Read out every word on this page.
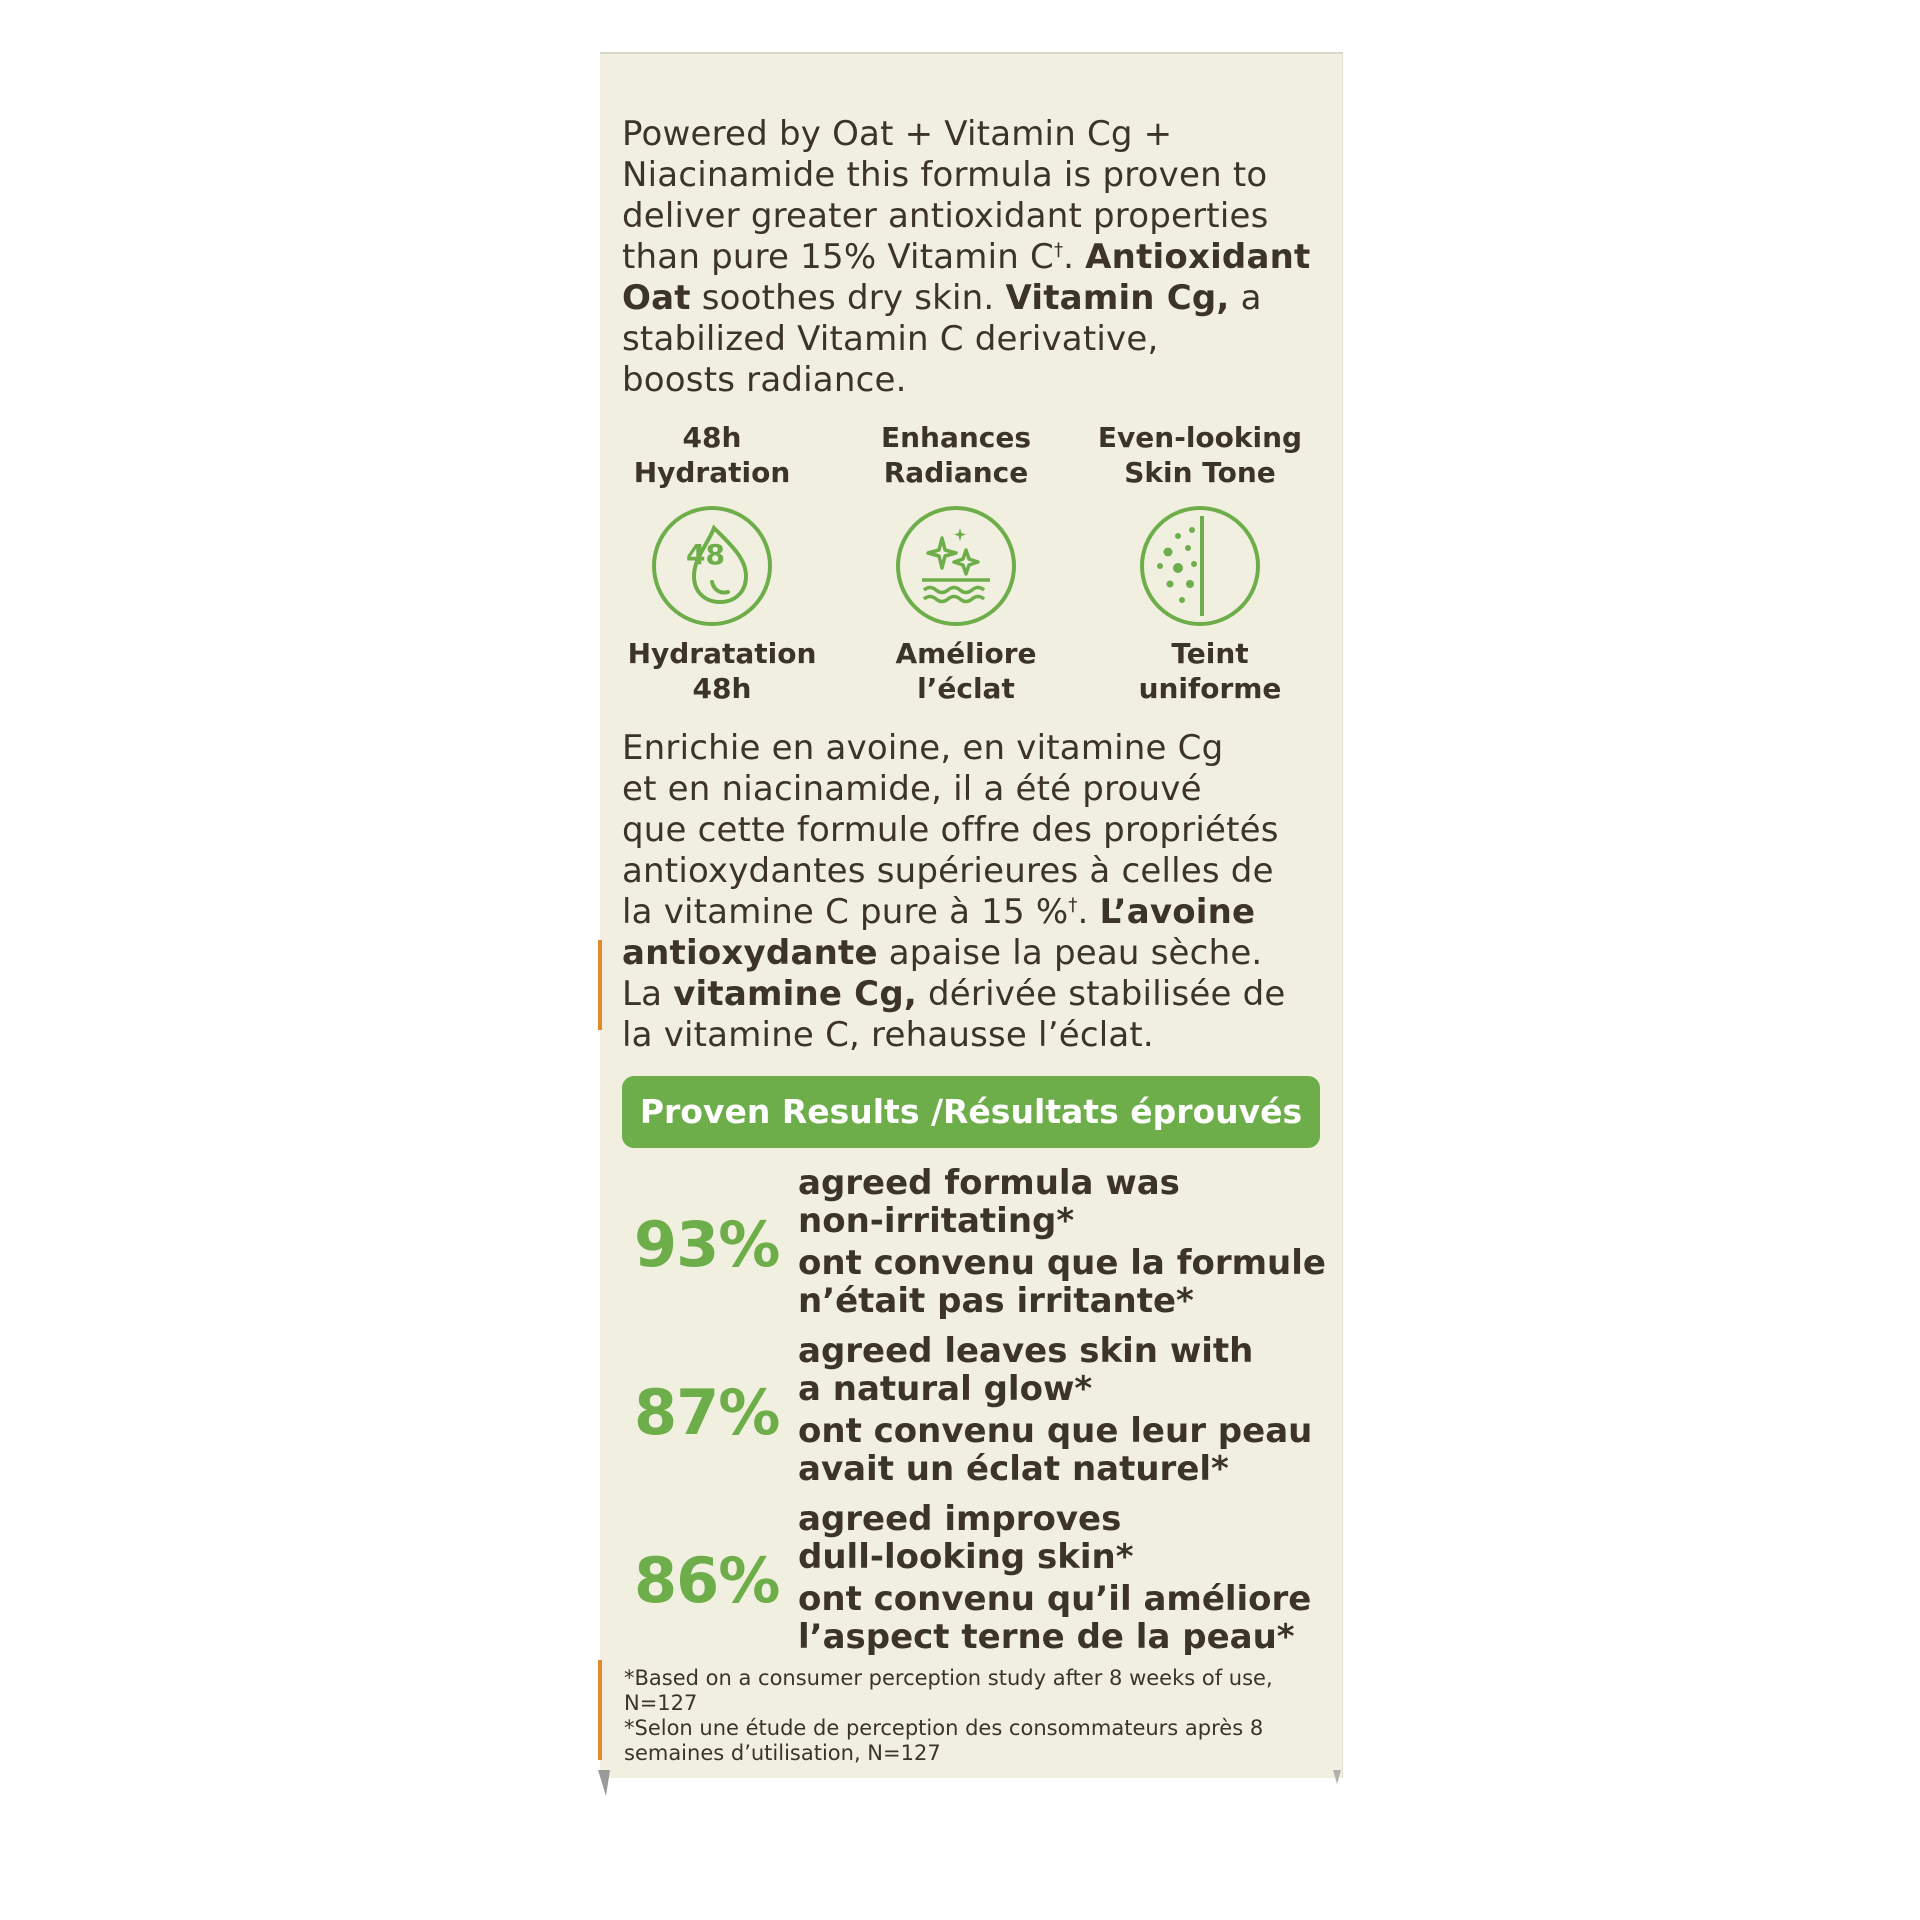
Powered by Oat + Vitamin Cg +
Niacinamide this formula is proven to
deliver greater antioxidant properties
than pure 15% Vitamin C†. Antioxidant
Oat soothes dry skin. Vitamin Cg, a
stabilized Vitamin C derivative,
boosts radiance.
48h
Hydration
48
Hydratation
48h
Enhances
Radiance
Améliore
l’éclat
Even-looking
Skin Tone
Teint
uniforme
Enrichie en avoine, en vitamine Cg
et en niacinamide, il a été prouvé
que cette formule offre des propriétés
antioxydantes supérieures à celles de
la vitamine C pure à 15 %†. L’avoine
antioxydante apaise la peau sèche.
La vitamine Cg, dérivée stabilisée de
la vitamine C, rehausse l’éclat.
Proven Results /Résultats éprouvés
93%
agreed formula was
non-irritating*
ont convenu que la formule
n’était pas irritante*
87%
agreed leaves skin with
a natural glow*
ont convenu que leur peau
avait un éclat naturel*
86%
agreed improves
dull-looking skin*
ont convenu qu’il améliore
l’aspect terne de la peau*
*Based on a consumer perception study after 8 weeks of use, N=127
*Selon une étude de perception des consommateurs après 8
semaines d’utilisation, N=127
